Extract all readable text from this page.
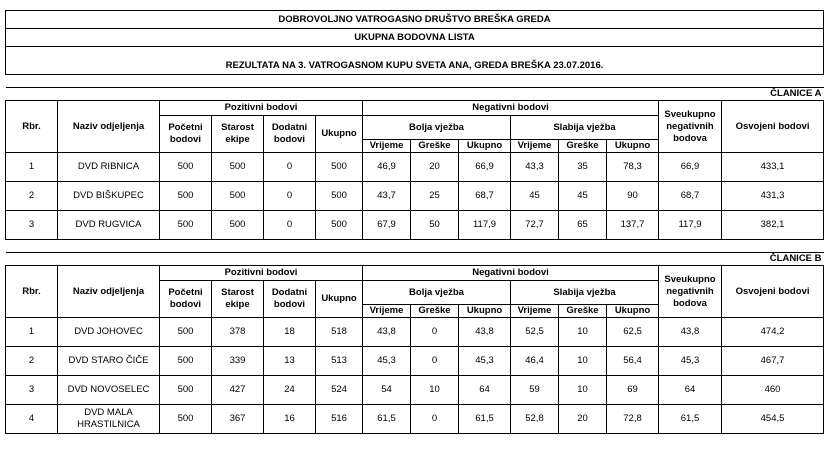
DOBROVOLJNO VATROGASNO DRUŠTVO BREŠKA GREDA													
UKUPNA BODOVNA LISTA													

REZULTATA NA 3. VATROGASNOM KUPU SVETA ANA, GREDA BREŠKA 23.07.2016.													

ČLANICE A													
Rbr.	Naziv odjeljenja	Pozitivni bodovi				Negativni bodovi						Sveukupno negativnih bodova	Osvojeni bodovi
		Početni bodovi	Starost ekipe	Dodatni bodovi	Ukupno	Bolja vježba			Slabija vježba				
						Vrijeme	Greške	Ukupno	Vrijeme	Greške	Ukupno		
1	DVD RIBNICA	500	500	0	500	46,9	20	66,9	43,3	35	78,3	66,9	433,1
2	DVD BIŠKUPEC	500	500	0	500	43,7	25	68,7	45	45	90	68,7	431,3
3	DVD RUGVICA	500	500	0	500	67,9	50	117,9	72,7	65	137,7	117,9	382,1

ČLANICE B													
Rbr.	Naziv odjeljenja	Pozitivni bodovi				Negativni bodovi						Sveukupno negativnih bodova	Osvojeni bodovi
		Početni bodovi	Starost ekipe	Dodatni bodovi	Ukupno	Bolja vježba			Slabija vježba				
						Vrijeme	Greške	Ukupno	Vrijeme	Greške	Ukupno		
1	DVD JOHOVEC	500	378	18	518	43,8	0	43,8	52,5	10	62,5	43,8	474,2
2	DVD STARO ČIČE	500	339	13	513	45,3	0	45,3	46,4	10	56,4	45,3	467,7
3	DVD NOVOSELEC	500	427	24	524	54	10	64	59	10	69	64	460
4	DVD MALA HRASTILNICA	500	367	16	516	61,5	0	61,5	52,8	20	72,8	61,5	454,5
